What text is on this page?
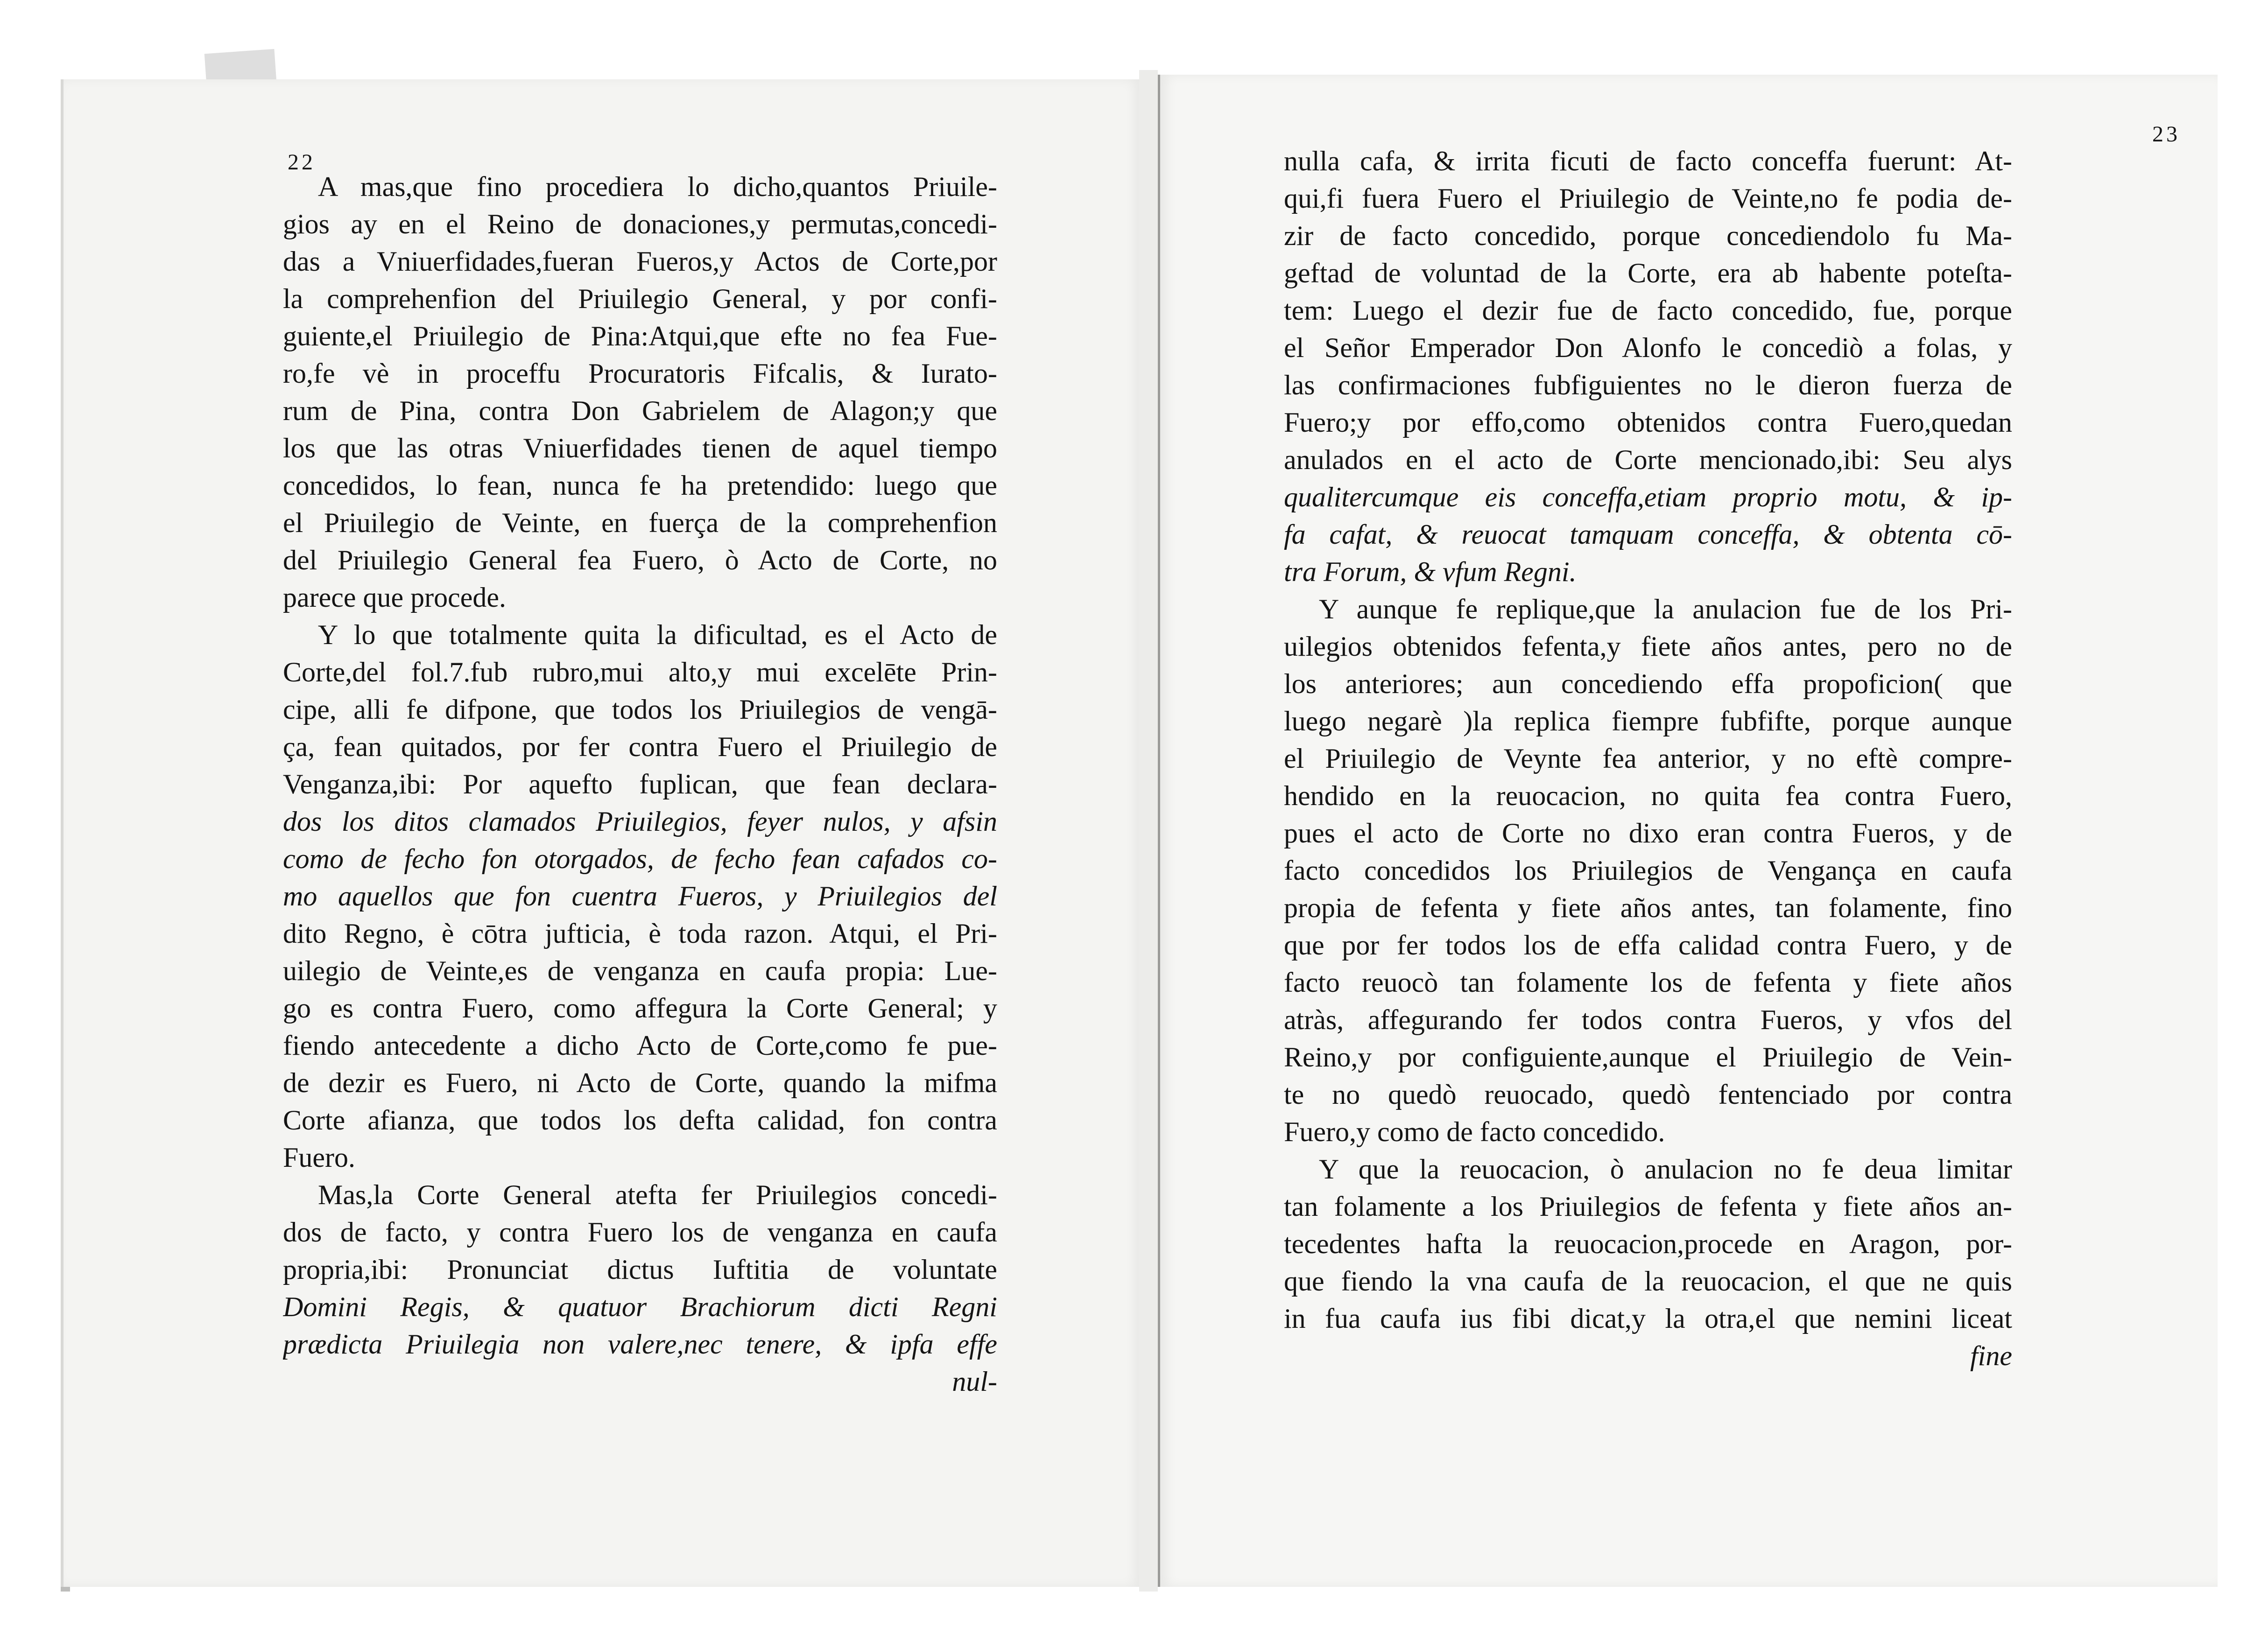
22
A mas,que fino procediera lo dicho,quantos Priuile-
gios ay en el Reino de donaciones,y permutas,concedi-
das a Vniuerfidades,fueran Fueros,y Actos de Corte,por
la comprehenfion del Priuilegio General, y por confi-
guiente,el Priuilegio de Pina:Atqui,que efte no fea Fue-
ro,fe vè in proceffu Procuratoris Fifcalis, & Iurato-
rum de Pina, contra Don Gabrielem de Alagon;y que
los que las otras Vniuerfidades tienen de aquel tiempo
concedidos, lo fean, nunca fe ha pretendido: luego que
el Priuilegio de Veinte, en fuerça de la comprehenfion
del Priuilegio General fea Fuero, ò Acto de Corte, no
parece que procede.
Y lo que totalmente quita la dificultad, es el Acto de
Corte,del fol.7.fub rubro,mui alto,y mui excelēte Prin-
cipe, alli fe difpone, que todos los Priuilegios de vengā-
ça, fean quitados, por fer contra Fuero el Priuilegio de
Venganza,ibi: Por aquefto fuplican, que fean declara-
dos los ditos clamados Priuilegios, feyer nulos, y afsin
como de fecho fon otorgados, de fecho fean cafados co-
mo aquellos que fon cuentra Fueros, y Priuilegios del
dito Regno, è cōtra jufticia, è toda razon. Atqui, el Pri-
uilegio de Veinte,es de venganza en caufa propia: Lue-
go es contra Fuero, como affegura la Corte General; y
fiendo antecedente a dicho Acto de Corte,como fe pue-
de dezir es Fuero, ni Acto de Corte, quando la mifma
Corte afianza, que todos los defta calidad, fon contra
Fuero.
Mas,la Corte General atefta fer Priuilegios concedi-
dos de facto, y contra Fuero los de venganza en caufa
propria,ibi: Pronunciat dictus Iuftitia de voluntate
Domini Regis, & quatuor Brachiorum dicti Regni
prædicta Priuilegia non valere,nec tenere, & ipfa effe
nul-
23
nulla cafa, & irrita ficuti de facto conceffa fuerunt: At-
qui,fi fuera Fuero el Priuilegio de Veinte,no fe podia de-
zir de facto concedido, porque concediendolo fu Ma-
geftad de voluntad de la Corte, era ab habente poteſta-
tem: Luego el dezir fue de facto concedido, fue, porque
el Señor Emperador Don Alonfo le concediò a folas, y
las confirmaciones fubfiguientes no le dieron fuerza de
Fuero;y por effo,como obtenidos contra Fuero,quedan
anulados en el acto de Corte mencionado,ibi: Seu alys
qualitercumque eis conceffa,etiam proprio motu, & ip-
fa cafat, & reuocat tamquam conceffa, & obtenta cō-
tra Forum, & vfum Regni.
Y aunque fe replique,que la anulacion fue de los Pri-
uilegios obtenidos fefenta,y fiete años antes, pero no de
los anteriores; aun concediendo effa propoficion( que
luego negarè )la replica fiempre fubfifte, porque aunque
el Priuilegio de Veynte fea anterior, y no eftè compre-
hendido en la reuocacion, no quita fea contra Fuero,
pues el acto de Corte no dixo eran contra Fueros, y de
facto concedidos los Priuilegios de Vengança en caufa
propia de fefenta y fiete años antes, tan folamente, fino
que por fer todos los de effa calidad contra Fuero, y de
facto reuocò tan folamente los de fefenta y fiete años
atràs, affegurando fer todos contra Fueros, y vfos del
Reino,y por configuiente,aunque el Priuilegio de Vein-
te no quedò reuocado, quedò fentenciado por contra
Fuero,y como de facto concedido.
Y que la reuocacion, ò anulacion no fe deua limitar
tan folamente a los Priuilegios de fefenta y fiete años an-
tecedentes hafta la reuocacion,procede en Aragon, por-
que fiendo la vna caufa de la reuocacion, el que ne quis
in fua caufa ius fibi dicat,y la otra,el que nemini liceat
fine
